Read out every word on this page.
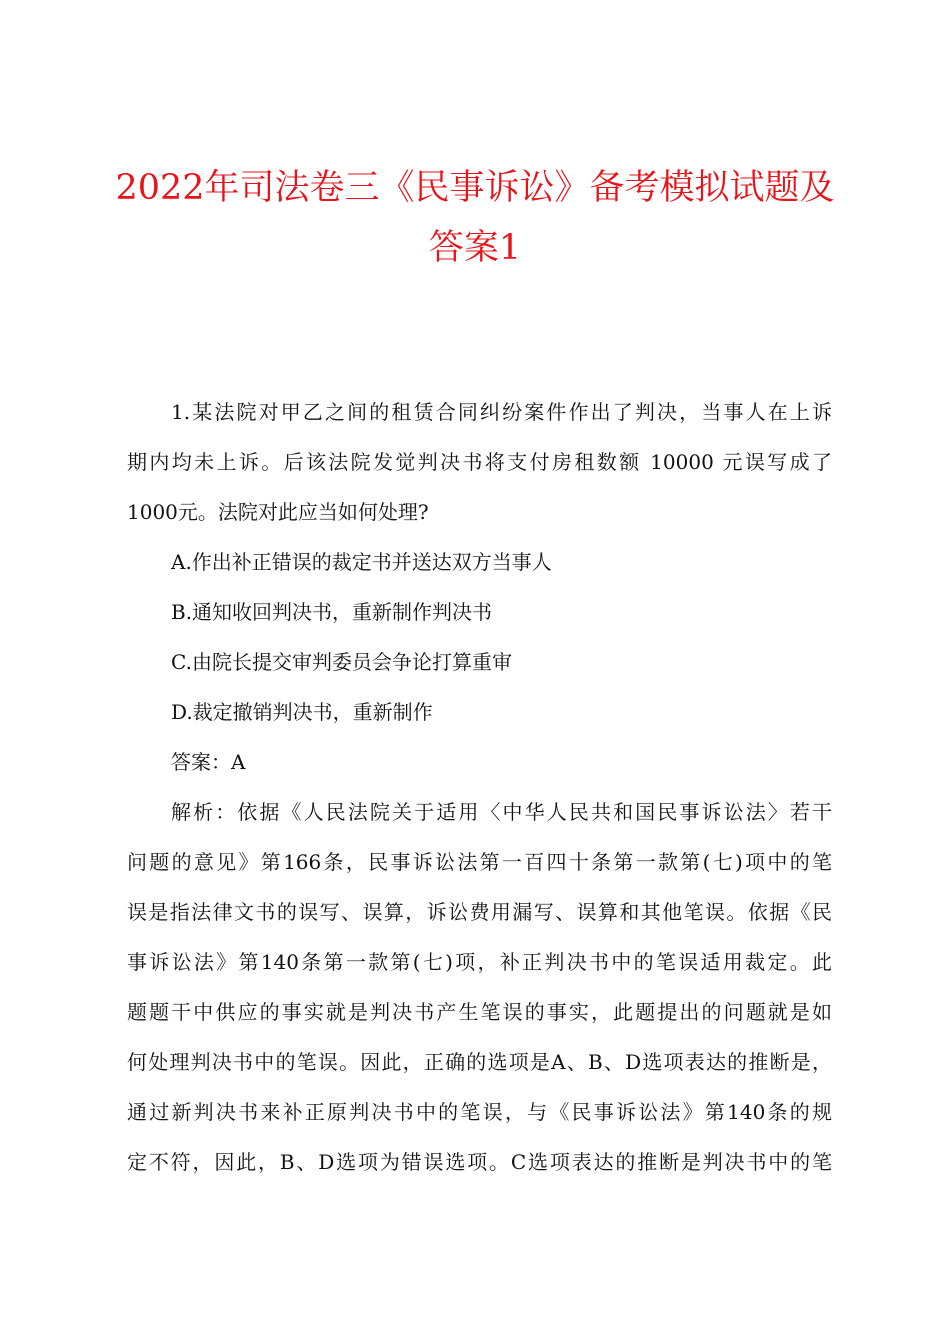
2022年司法卷三《民事诉讼》备考模拟试题及
答案1
1.某法院对甲乙之间的租赁合同纠纷案件作出了判决，当事人在上诉
期内均未上诉。后该法院发觉判决书将支付房租数额 10000 元误写成了
1000元。法院对此应当如何处理?
A.作出补正错误的裁定书并送达双方当事人
B.通知收回判决书，重新制作判决书
C.由院长提交审判委员会争论打算重审
D.裁定撤销判决书，重新制作
答案：A
解析：依据《人民法院关于适用〈中华人民共和国民事诉讼法〉若干
问题的意见》第166条，民事诉讼法第一百四十条第一款第(七)项中的笔
误是指法律文书的误写、误算，诉讼费用漏写、误算和其他笔误。依据《民
事诉讼法》第140条第一款第(七)项，补正判决书中的笔误适用裁定。此
题题干中供应的事实就是判决书产生笔误的事实，此题提出的问题就是如
何处理判决书中的笔误。因此，正确的选项是A、B、D选项表达的推断是，
通过新判决书来补正原判决书中的笔误，与《民事诉讼法》第140条的规
定不符，因此，B、D选项为错误选项。C选项表达的推断是判决书中的笔
